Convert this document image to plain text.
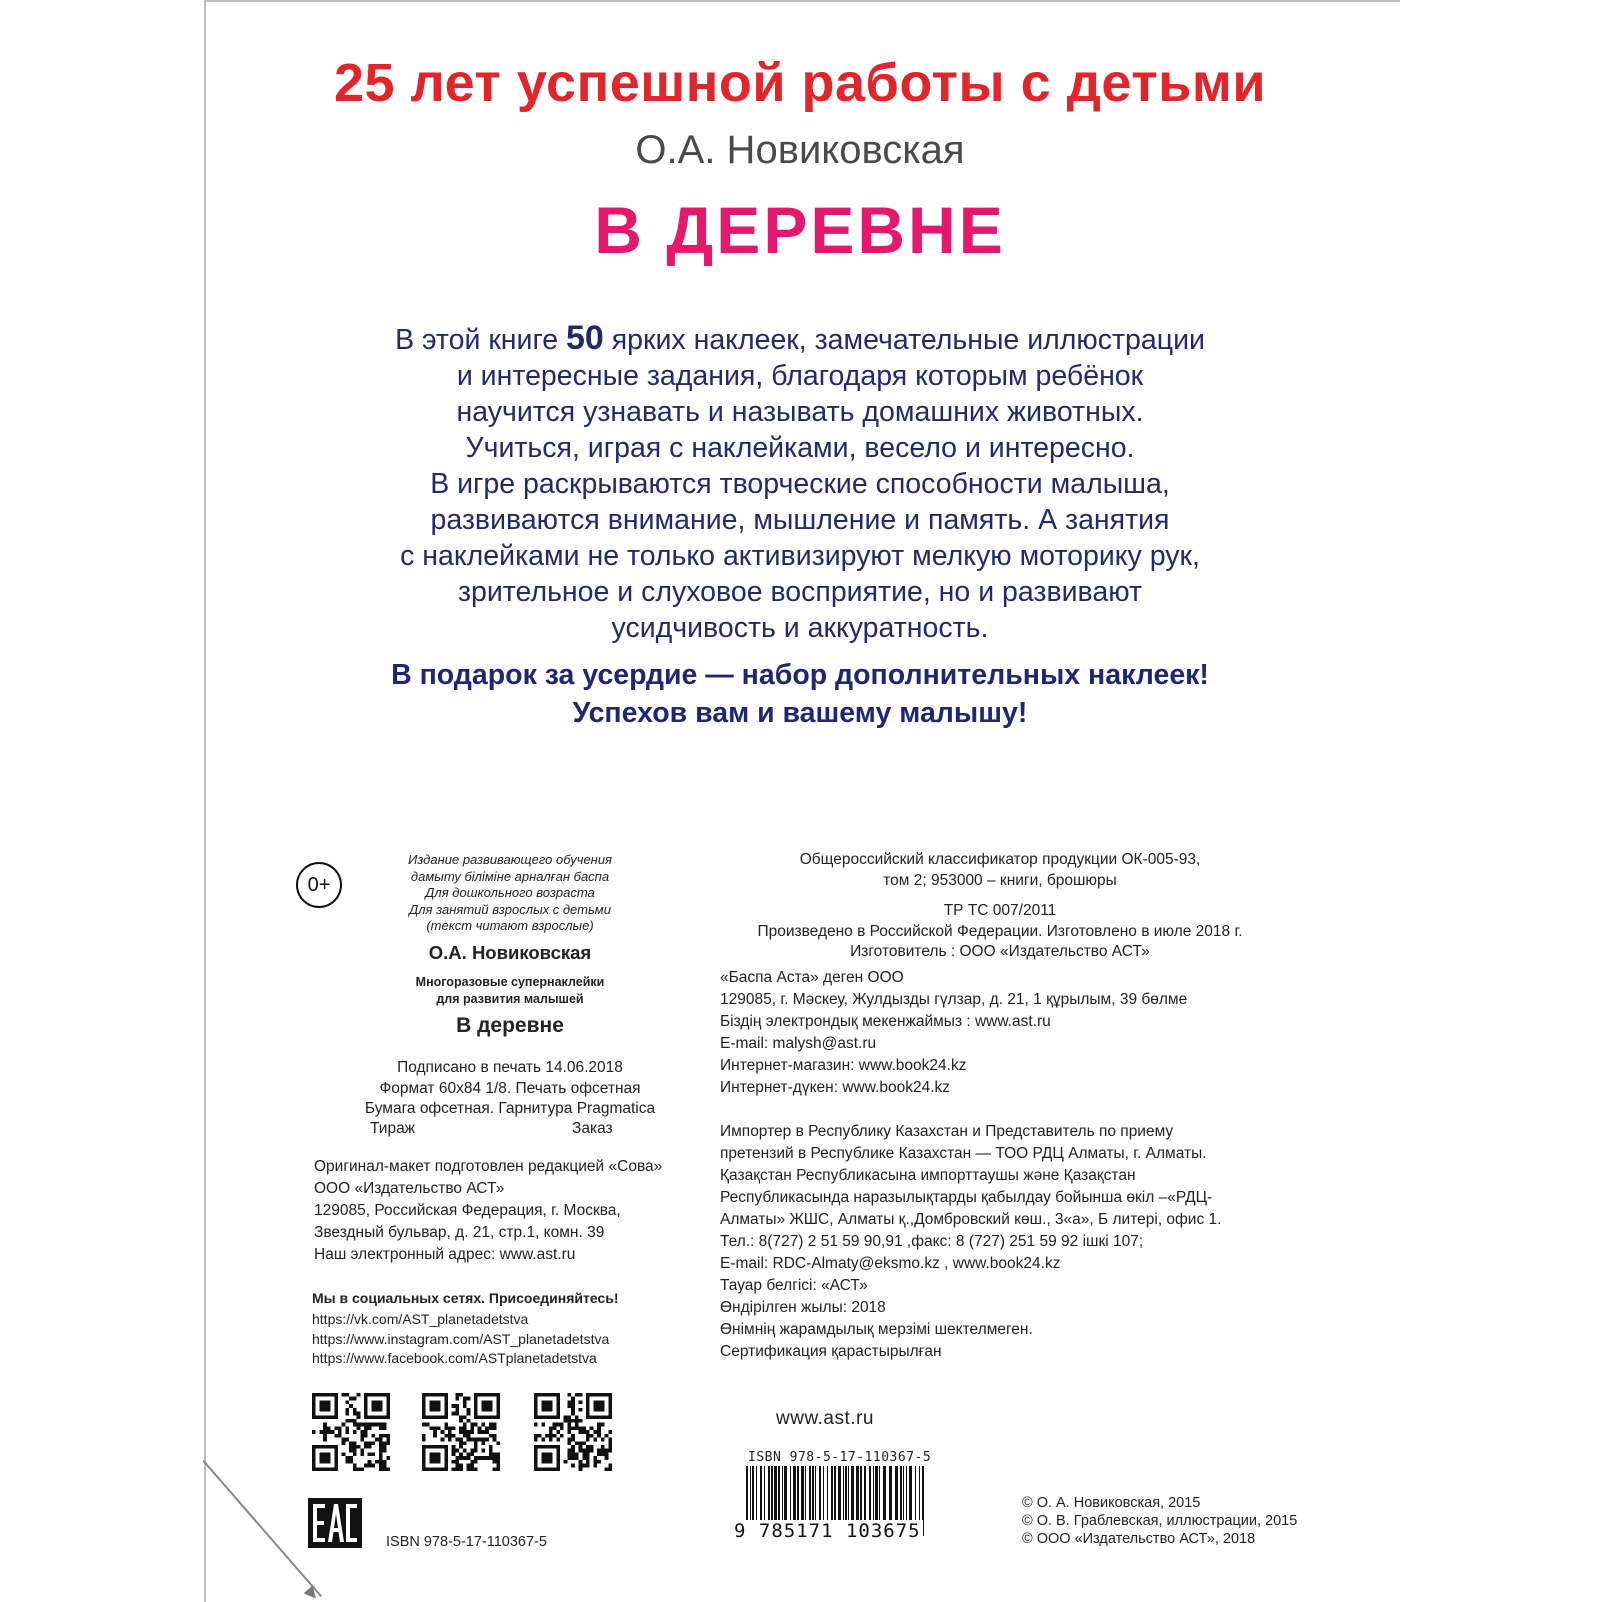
25 лет успешной работы с детьми
О.А. Новиковская
В ДЕРЕВНЕ
В этой книге 50 ярких наклеек, замечательные иллюстрации
и интересные задания, благодаря которым ребёнок
научится узнавать и называть домашних животных.
Учиться, играя с наклейками, весело и интересно.
В игре раскрываются творческие способности малыша,
развиваются внимание, мышление и память. А занятия
с наклейками не только активизируют мелкую моторику рук,
зрительное и слуховое восприятие, но и развивают
усидчивость и аккуратность.
В подарок за усердие — набор дополнительных наклеек!
Успехов вам и вашему малышу!
0+
Издание развивающего обучения
дамыту біліміне арналған баспа
Для дошкольного возраста
Для занятий взрослых с детьми
(текст читают взрослые)
О.А. Новиковская
Многоразовые супернаклейки
для развития малышей
В деревне
Подписано в печать 14.06.2018
Формат 60х84 1/8. Печать офсетная
Бумага офсетная. Гарнитура Pragmatica
Тираж	Заказ
Оригинал-макет подготовлен редакцией «Сова»
ООО «Издательство АСТ»
129085, Российская Федерация, г. Москва,
Звездный бульвар, д. 21, стр.1, комн. 39
Наш электронный адрес: www.ast.ru
Мы в социальных сетях. Присоединяйтесь!
https://vk.com/AST_planetadetstva
https://www.instagram.com/AST_planetadetstva
https://www.facebook.com/ASTplanetadetstva
ISBN 978-5-17-110367-5
Общероссийский классификатор продукции ОК-005-93,
том 2; 953000 – книги, брошюры
ТР ТС 007/2011
Произведено в Российской Федерации. Изготовлено в июле 2018 г.
Изготовитель : ООО «Издательство АСТ»
«Баспа Аста» деген ООО
129085, г. Мәскеу, Жулдызды гүлзар, д. 21, 1 құрылым, 39 бөлме
Біздің электрондық мекенжаймыз : www.ast.ru
E-mail: malysh@ast.ru
Интернет-магазин: www.book24.kz
Интернет-дүкен: www.book24.kz
Импортер в Республику Казахстан и Представитель по приему
претензий в Республике Казахстан — ТОО РДЦ Алматы, г. Алматы.
Қазақстан Республикасына импорттаушы және Қазақстан
Республикасында наразылықтарды қабылдау бойынша өкіл –«РДЦ-
Алматы» ЖШС, Алматы қ.,Домбровский көш., 3«а», Б литері, офис 1.
Тел.: 8(727) 2 51 59 90,91 ,факс: 8 (727) 251 59 92 ішкі 107;
E-mail: RDC-Almaty@eksmo.kz , www.book24.kz
Тауар белгісі: «АСТ»
Өндірілген жылы: 2018
Өнімнің жарамдылық мерзімі шектелмеген.
Сертификация қарастырылған
www.ast.ru
ISBN 978-5-17-110367-5
9 785171 103675
© О. А. Новиковская, 2015
© О. В. Граблевская, иллюстрации, 2015
© ООО «Издательство АСТ», 2018
